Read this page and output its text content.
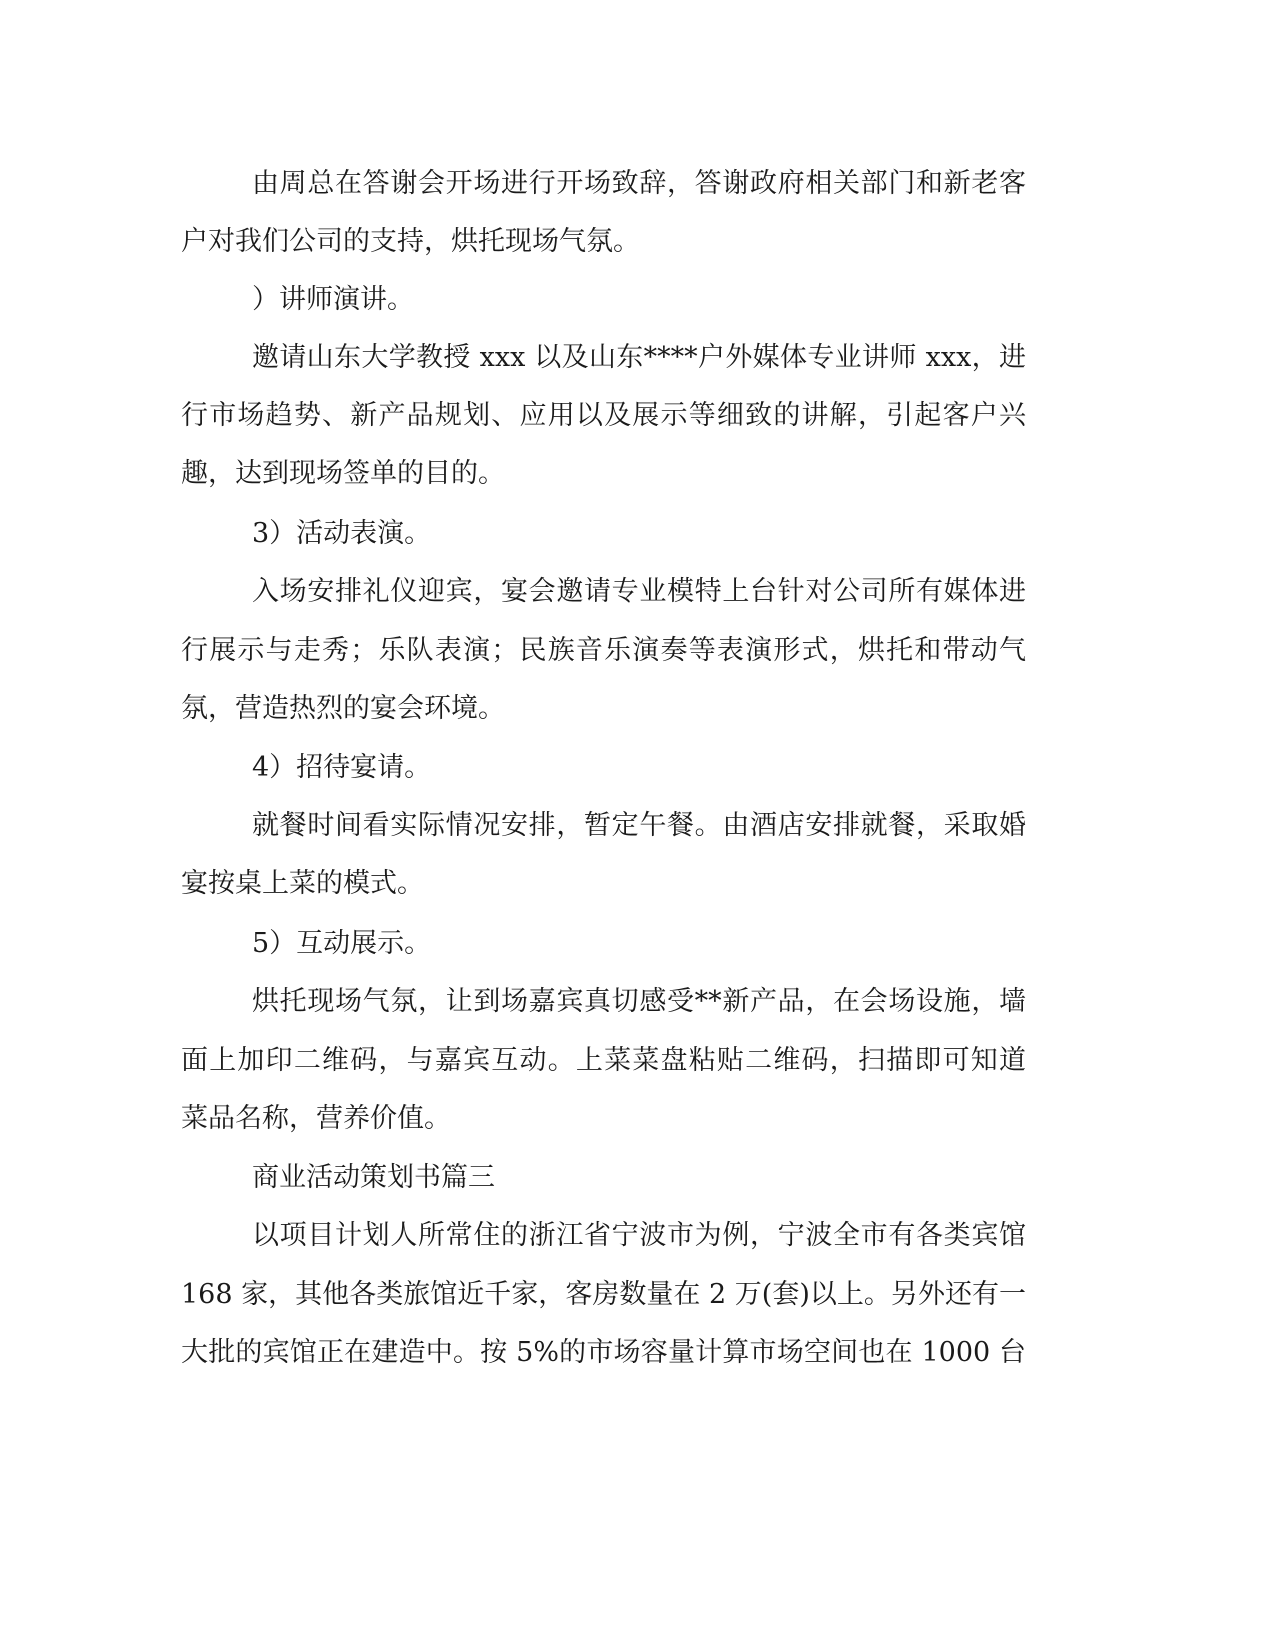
由周总在答谢会开场进行开场致辞，答谢政府相关部门和新老客
户对我们公司的支持，烘托现场气氛。
）讲师演讲。
邀请山东大学教授 xxx 以及山东****户外媒体专业讲师 xxx，进
行市场趋势、新产品规划、应用以及展示等细致的讲解，引起客户兴
趣，达到现场签单的目的。
3）活动表演。
入场安排礼仪迎宾，宴会邀请专业模特上台针对公司所有媒体进
行展示与走秀；乐队表演；民族音乐演奏等表演形式，烘托和带动气
氛，营造热烈的宴会环境。
4）招待宴请。
就餐时间看实际情况安排，暂定午餐。由酒店安排就餐，采取婚
宴按桌上菜的模式。
5）互动展示。
烘托现场气氛，让到场嘉宾真切感受**新产品，在会场设施，墙
面上加印二维码，与嘉宾互动。上菜菜盘粘贴二维码，扫描即可知道
菜品名称，营养价值。
商业活动策划书篇三
以项目计划人所常住的浙江省宁波市为例，宁波全市有各类宾馆
168 家，其他各类旅馆近千家，客房数量在 2 万(套)以上。另外还有一
大批的宾馆正在建造中。按 5%的市场容量计算市场空间也在 1000 台
